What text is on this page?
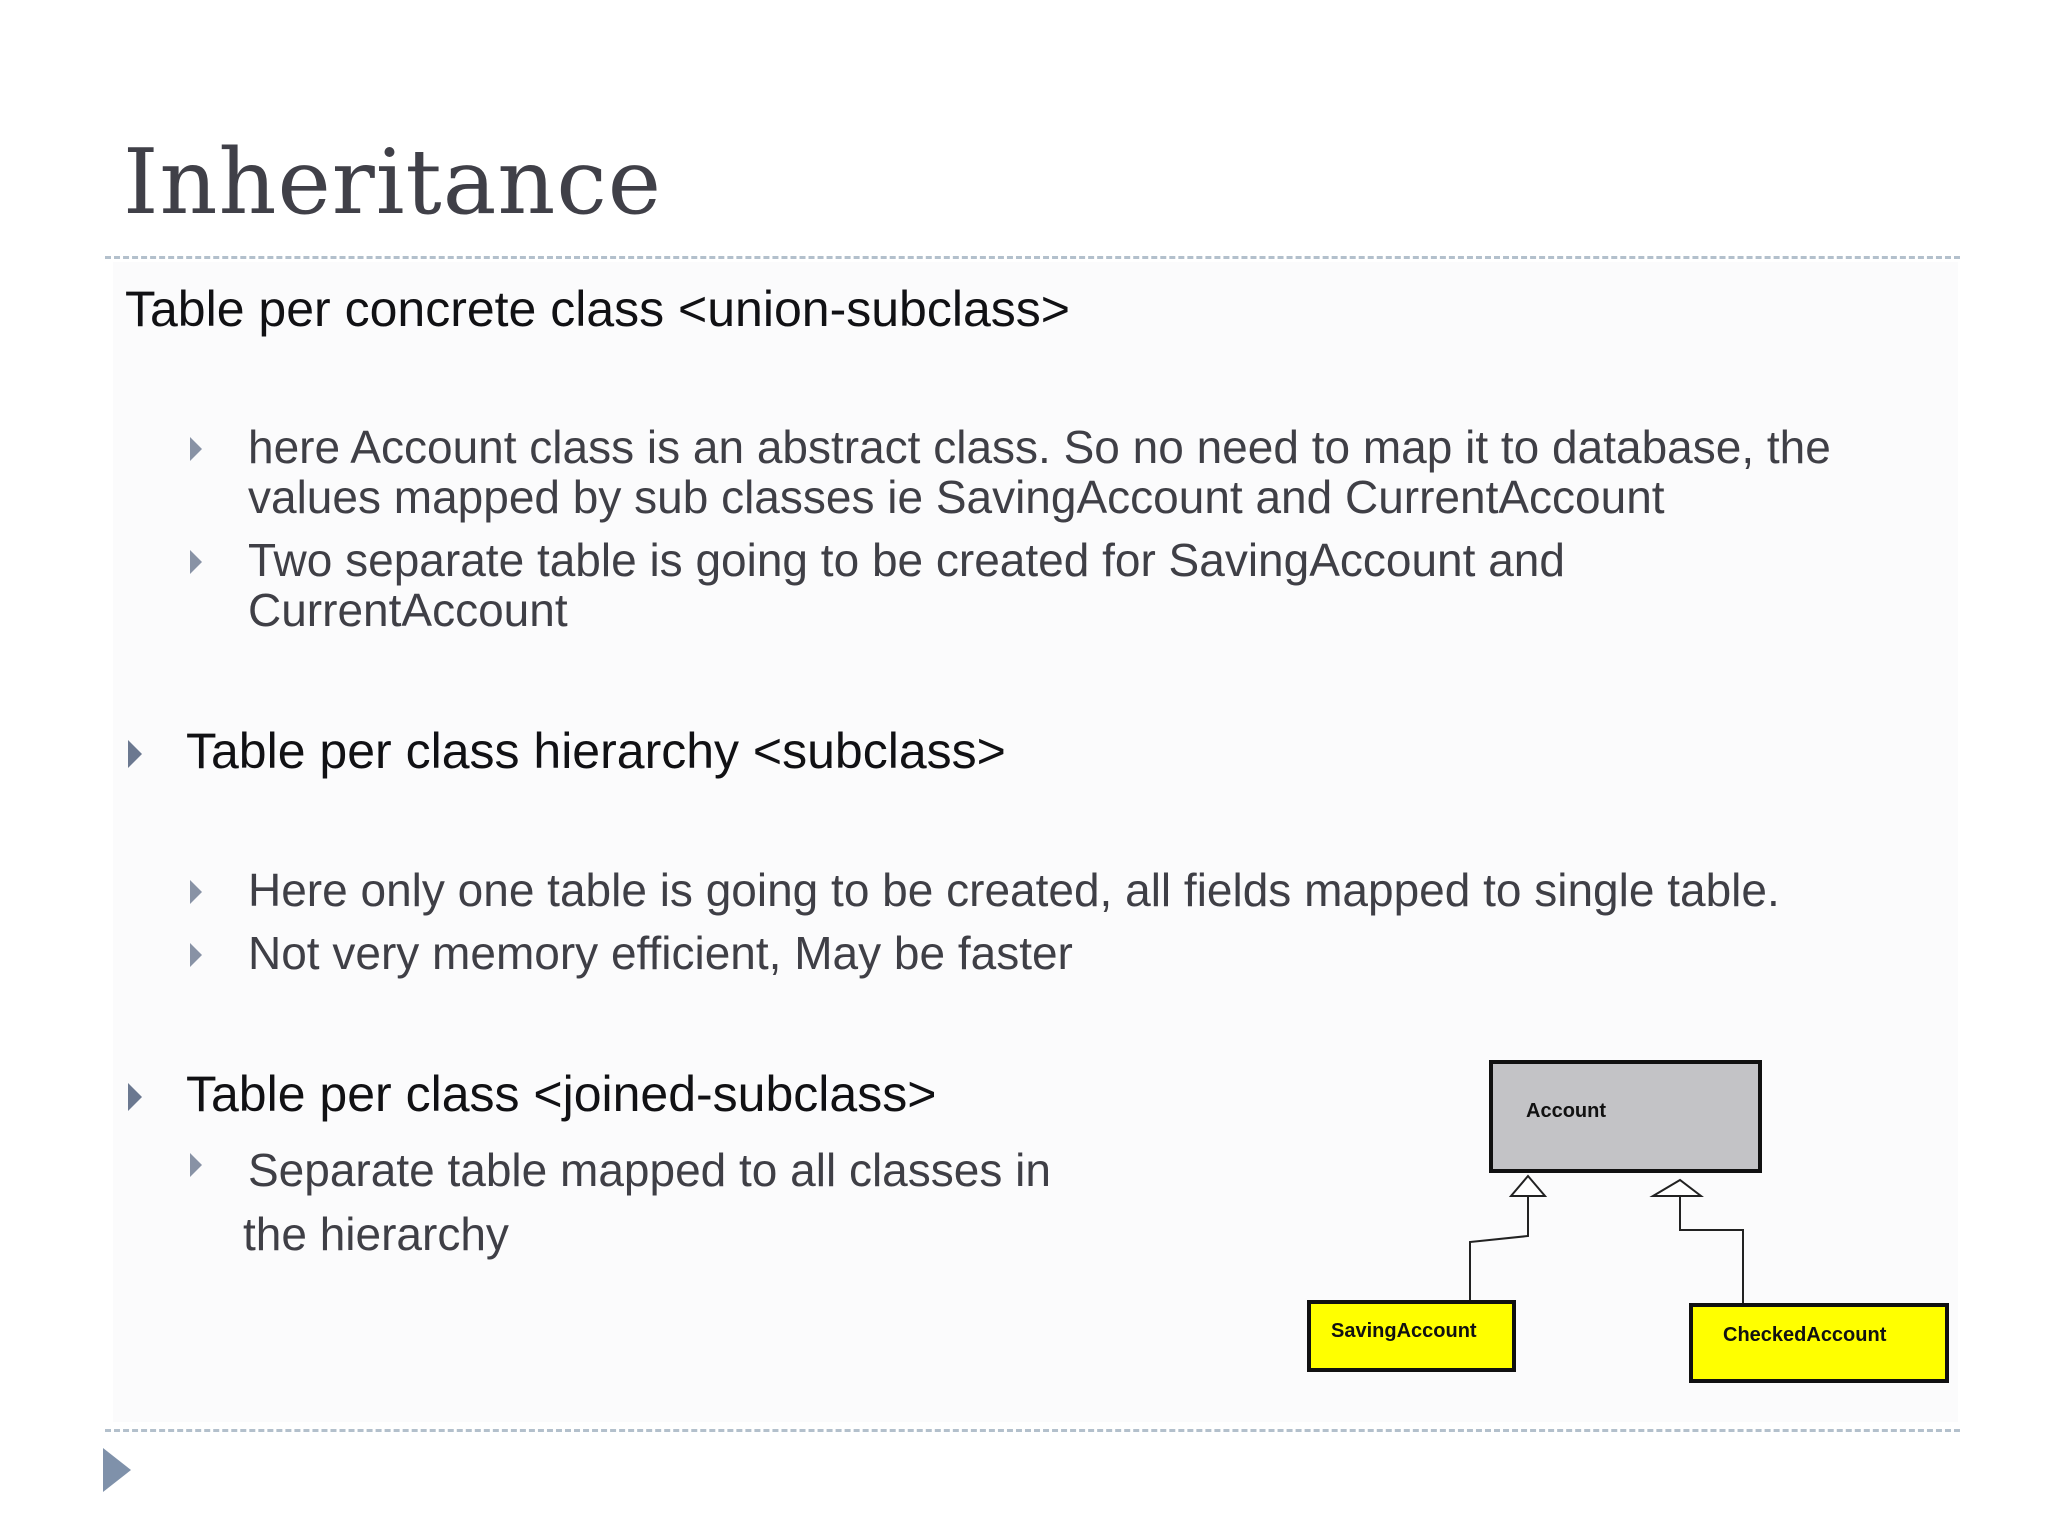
Inheritance
Table per concrete class <union-subclass>
here Account class is an abstract class. So no need to map it to database, the
values mapped by sub classes ie SavingAccount and CurrentAccount
Two separate table is going to be created for SavingAccount and
CurrentAccount
Table per class hierarchy <subclass>
Here only one table is going to be created, all fields mapped to single table.
Not very memory efficient, May be faster
Table per class <joined-subclass>
Separate table mapped to all classes in
the hierarchy
Account
SavingAccount	CheckedAccount
